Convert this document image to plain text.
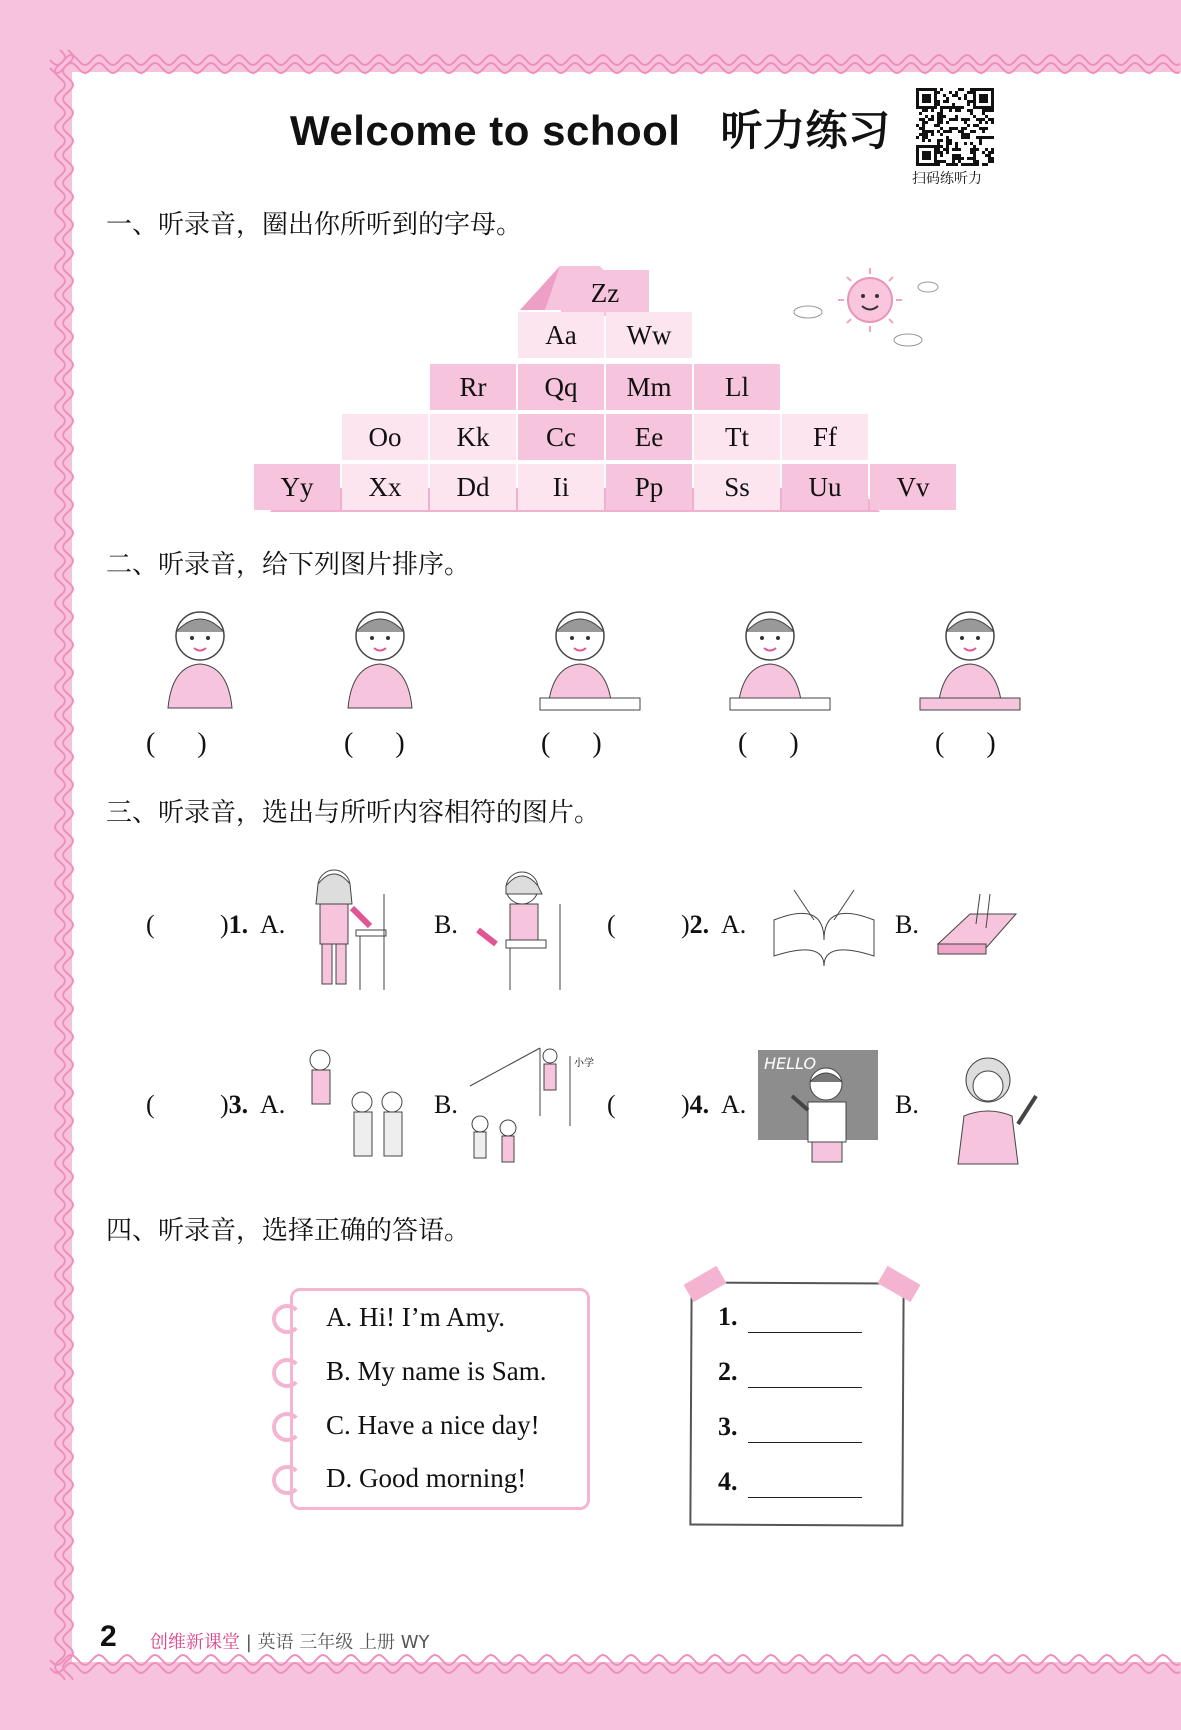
Welcome to school 听力练习
扫码练听力
一、听录音，圈出你所听到的字母。
Zz
Aa	Ww
Rr	Qq	Mm	Ll
Oo	Kk	Cc	Ee	Tt	Ff
Yy	Xx	Dd	Ii	Pp	Ss	Uu	Vv
二、听录音，给下列图片排序。
(      )	(      )	(      )	(      )	(      )
三、听录音，选出与所听内容相符的图片。
( )1. A.	B.	( )2. A.	B.
( )3. A.	B.	( )4. A.	B.
小学	HELLO
四、听录音，选择正确的答语。
A. Hi! I’m Amy.
B. My name is Sam.
C. Have a nice day!
D. Good morning!
1.
2.
3.
4.
2 创维新课堂 | 英语 三年级 上册 WY
